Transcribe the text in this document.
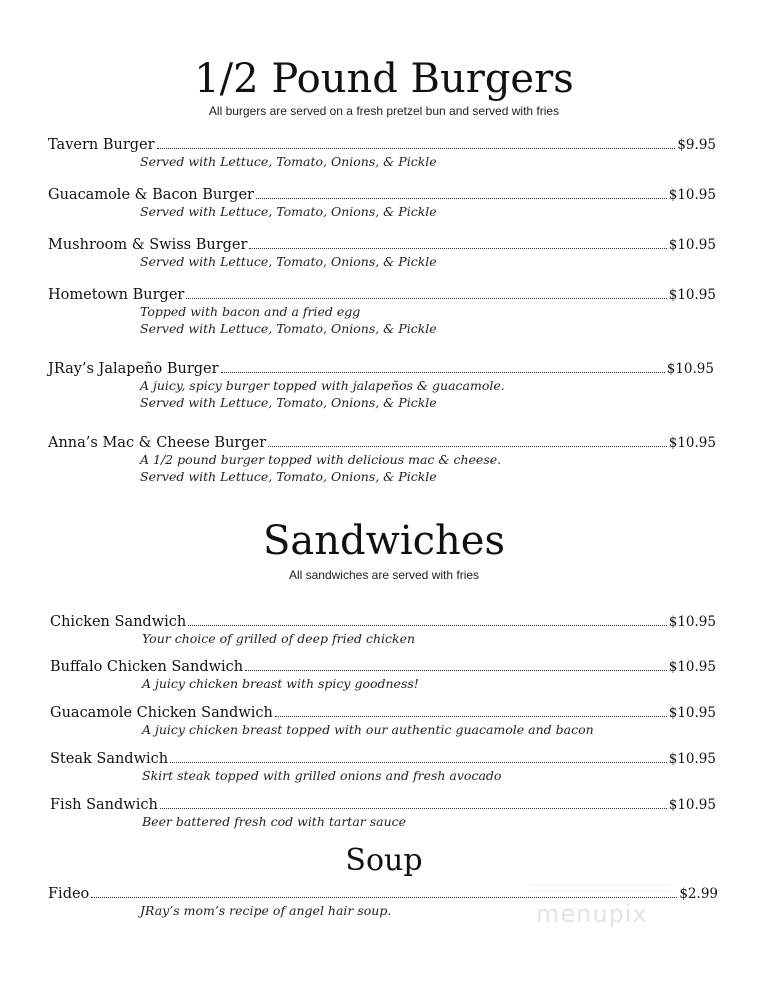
1/2 Pound Burgers
All burgers are served on a fresh pretzel bun and served with fries
Tavern Burger	$9.95
Served with Lettuce, Tomato, Onions, & Pickle
Guacamole & Bacon Burger	$10.95
Served with Lettuce, Tomato, Onions, & Pickle
Mushroom & Swiss Burger	$10.95
Served with Lettuce, Tomato, Onions, & Pickle
Hometown Burger	$10.95
Topped with bacon and a fried egg
Served with Lettuce, Tomato, Onions, & Pickle
JRay’s Jalapeño Burger	$10.95
A juicy, spicy burger topped with jalapeños & guacamole.
Served with Lettuce, Tomato, Onions, & Pickle
Anna’s Mac & Cheese Burger	$10.95
A 1/2 pound burger topped with delicious mac & cheese.
Served with Lettuce, Tomato, Onions, & Pickle
Sandwiches
All sandwiches are served with fries
Chicken Sandwich	$10.95
Your choice of grilled of deep fried chicken
Buffalo Chicken Sandwich	$10.95
A juicy chicken breast with spicy goodness!
Guacamole Chicken Sandwich	$10.95
A juicy chicken breast topped with our authentic guacamole and bacon
Steak Sandwich	$10.95
Skirt steak topped with grilled onions and fresh avocado
Fish Sandwich	$10.95
Beer battered fresh cod with tartar sauce
Soup
Fideo	$2.99
JRay’s mom’s recipe of angel hair soup.	menupix
